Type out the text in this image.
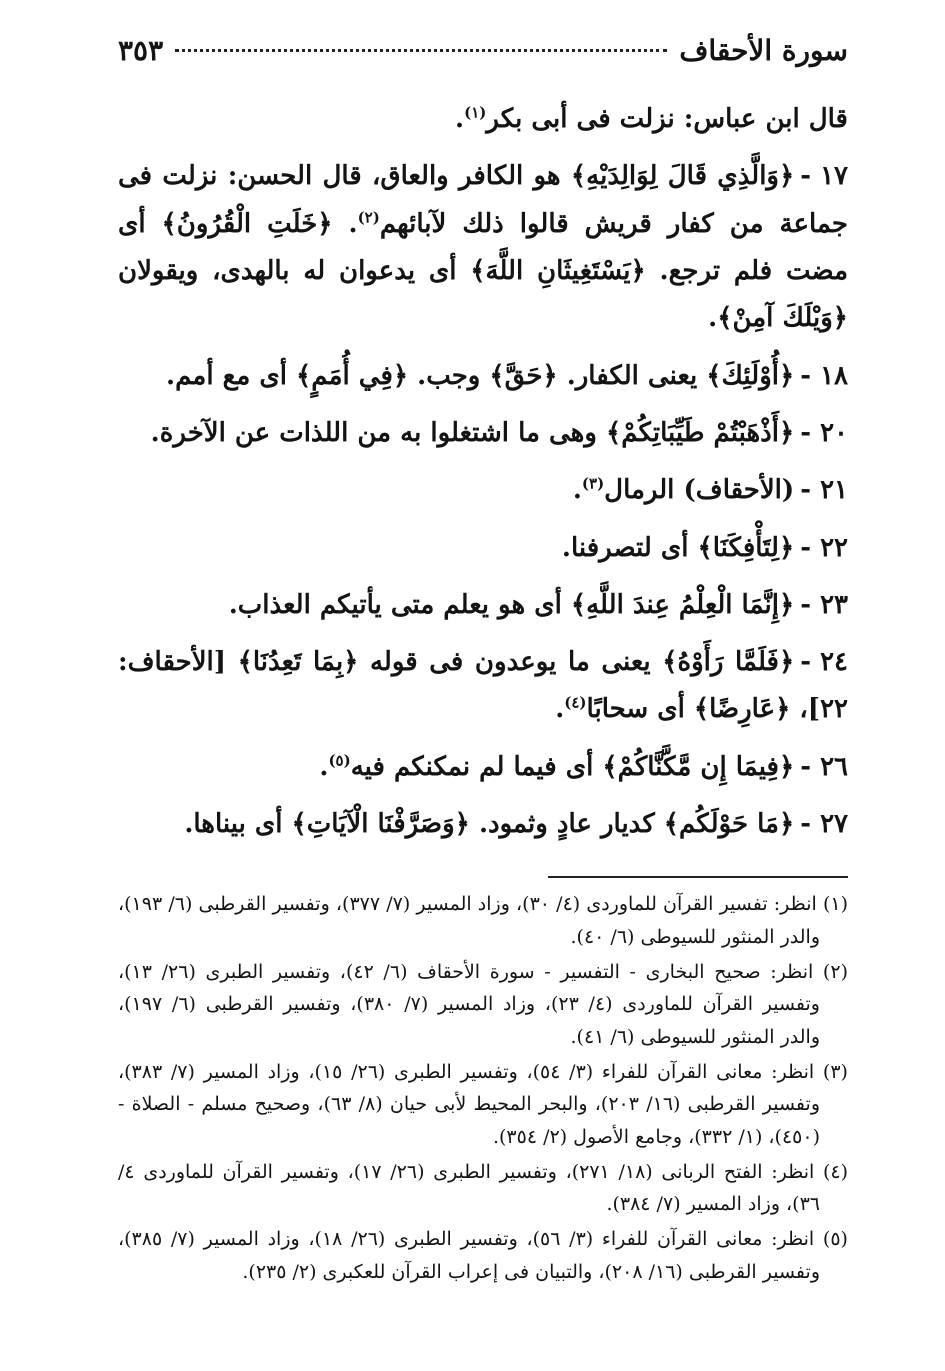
سورة الأحقاف
٣٥٣

قال ابن عباس: نزلت فى أبى بكر$^{(١)}$.

١٧ -﴿وَالَّذِي قَالَ لِوَالِدَيْهِ﴾ هو الكافر والعاق، قال الحسن: نزلت فى جماعة من كفار قريش قالوا ذلك لآبائهم$^{(٢)}$. ﴿خَلَتِ الْقُرُونُ﴾ أى مضت فلم ترجع. ﴿يَسْتَغِيثَانِ اللَّهَ﴾ أى يدعوان له بالهدى، ويقولان ﴿وَيْلَكَ آمِنْ﴾.

١٨ -﴿أُوْلَئِكَ﴾ يعنى الكفار. ﴿حَقَّ﴾ وجب. ﴿فِي أُمَمٍ﴾ أى مع أمم.

٢٠ -﴿أَذْهَبْتُمْ طَيِّبَاتِكُمْ﴾ وهى ما اشتغلوا به من اللذات عن الآخرة.

٢١ -(الأحقاف) الرمال$^{(٣)}$.

٢٢ -﴿لِتَأْفِكَنَا﴾ أى لتصرفنا.

٢٣ -﴿إِنَّمَا الْعِلْمُ عِندَ اللَّهِ﴾ أى هو يعلم متى يأتيكم العذاب.

٢٤ -﴿فَلَمَّا رَأَوْهُ﴾ يعنى ما يوعدون فى قوله ﴿بِمَا تَعِدُنَا﴾ [الأحقاف: ٢٢]، ﴿عَارِضًا﴾ أى سحابًا$^{(٤)}$.

٢٦ -﴿فِيمَا إِن مَّكَّنَّاكُمْ﴾ أى فيما لم نمكنكم فيه$^{(٥)}$.

٢٧ -﴿مَا حَوْلَكُم﴾ كديار عادٍ وثمود. ﴿وَصَرَّفْنَا الْآيَاتِ﴾ أى بيناها.

(١) انظر: تفسير القرآن للماوردى (٤/ ٣٠)، وزاد المسير (٧/ ٣٧٧)، وتفسير القرطبى (٦/ ١٩٣)، والدر المنثور للسيوطى (٦/ ٤٠).

(٢) انظر: صحيح البخارى - التفسير - سورة الأحقاف (٦/ ٤٢)، وتفسير الطبرى (٢٦/ ١٣)، وتفسير القرآن للماوردى (٤/ ٢٣)، وزاد المسير (٧/ ٣٨٠)، وتفسير القرطبى (٦/ ١٩٧)، والدر المنثور للسيوطى (٦/ ٤١).

(٣) انظر: معانى القرآن للفراء (٣/ ٥٤)، وتفسير الطبرى (٢٦/ ١٥)، وزاد المسير (٧/ ٣٨٣)، وتفسير القرطبى (١٦/ ٢٠٣)، والبحر المحيط لأبى حيان (٨/ ٦٣)، وصحيح مسلم - الصلاة - (٤٥٠)، (١/ ٣٣٢)، وجامع الأصول (٢/ ٣٥٤).

(٤) انظر: الفتح الربانى (١٨/ ٢٧١)، وتفسير الطبرى (٢٦/ ١٧)، وتفسير القرآن للماوردى ٤/ ٣٦)، وزاد المسير (٧/ ٣٨٤).

(٥) انظر: معانى القرآن للفراء (٣/ ٥٦)، وتفسير الطبرى (٢٦/ ١٨)، وزاد المسير (٧/ ٣٨٥)، وتفسير القرطبى (١٦/ ٢٠٨)، والتبيان فى إعراب القرآن للعكبرى (٢/ ٢٣٥).
